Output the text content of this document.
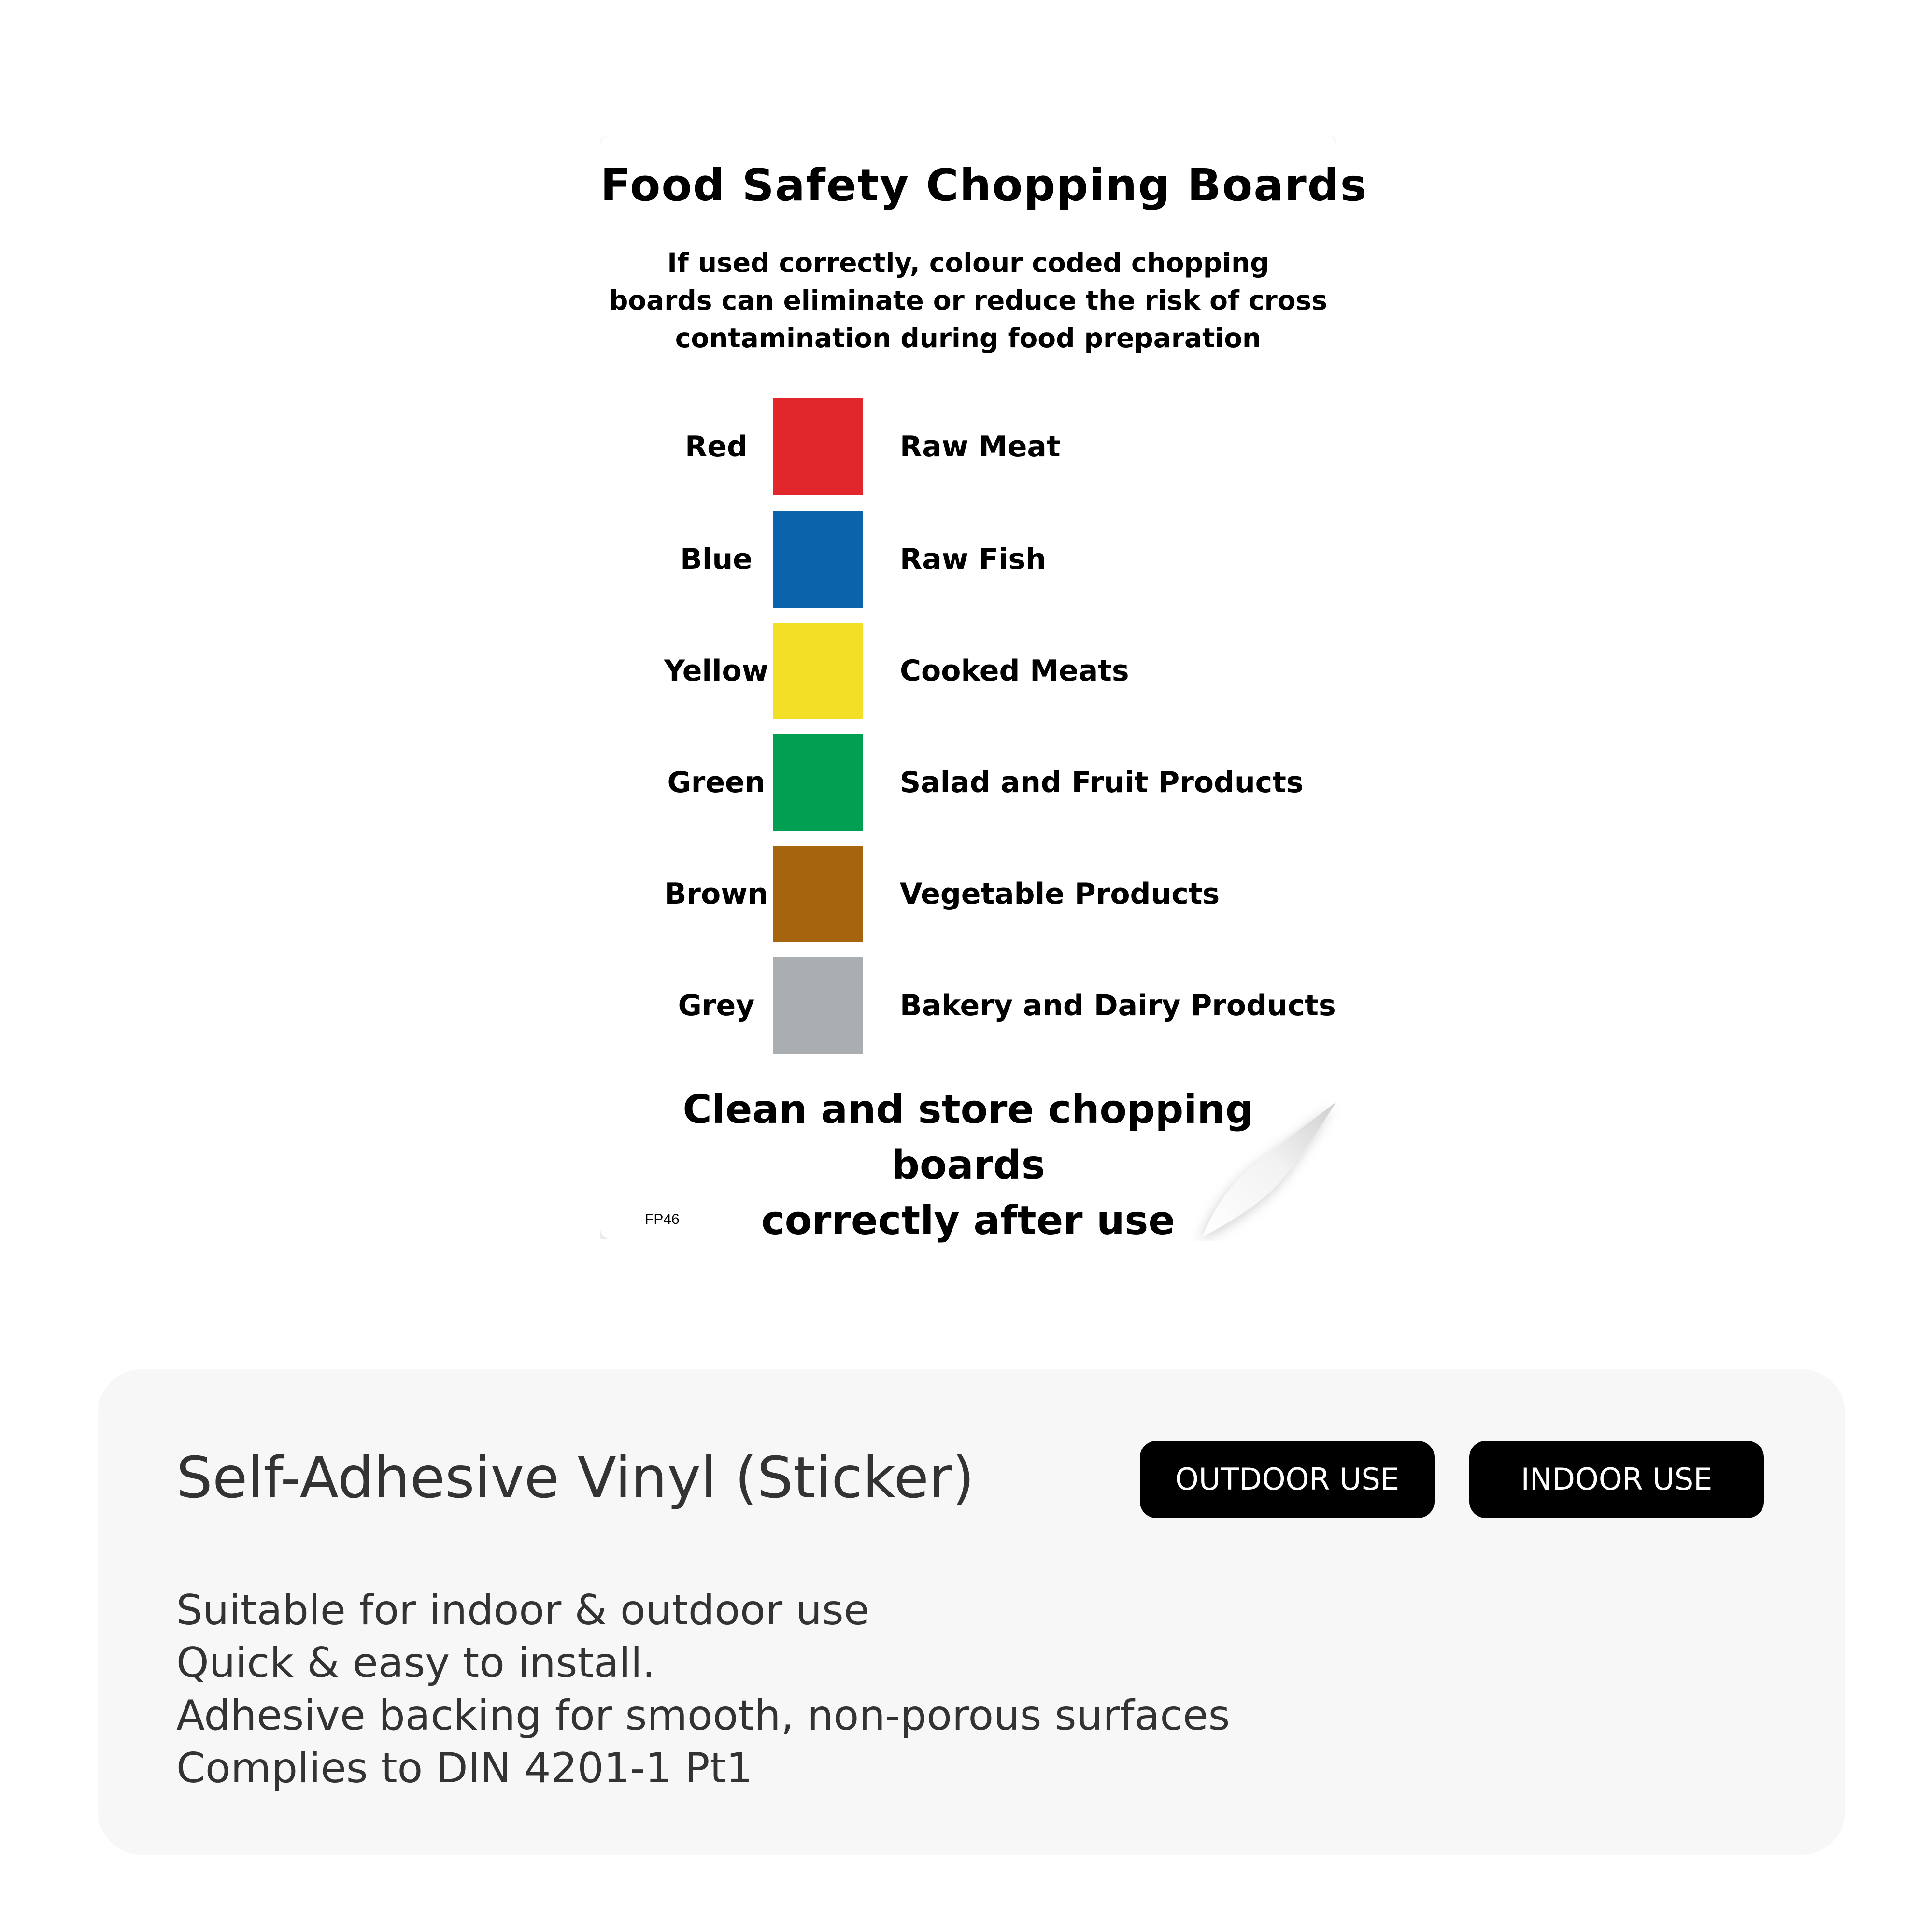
Food Safety Chopping Boards
If used correctly, colour coded chopping
boards can eliminate or reduce the risk of cross
contamination during food preparation
Red	Raw Meat
Blue	Raw Fish
Yellow	Cooked Meats
Green	Salad and Fruit Products
Brown	Vegetable Products
Grey	Bakery and Dairy Products
Clean and store chopping boards
correctly after use
FP46
Self-Adhesive Vinyl (Sticker)	OUTDOOR USE	INDOOR USE
Suitable for indoor & outdoor use
Quick & easy to install.
Adhesive backing for smooth, non-porous surfaces
Complies to DIN 4201-1 Pt1
